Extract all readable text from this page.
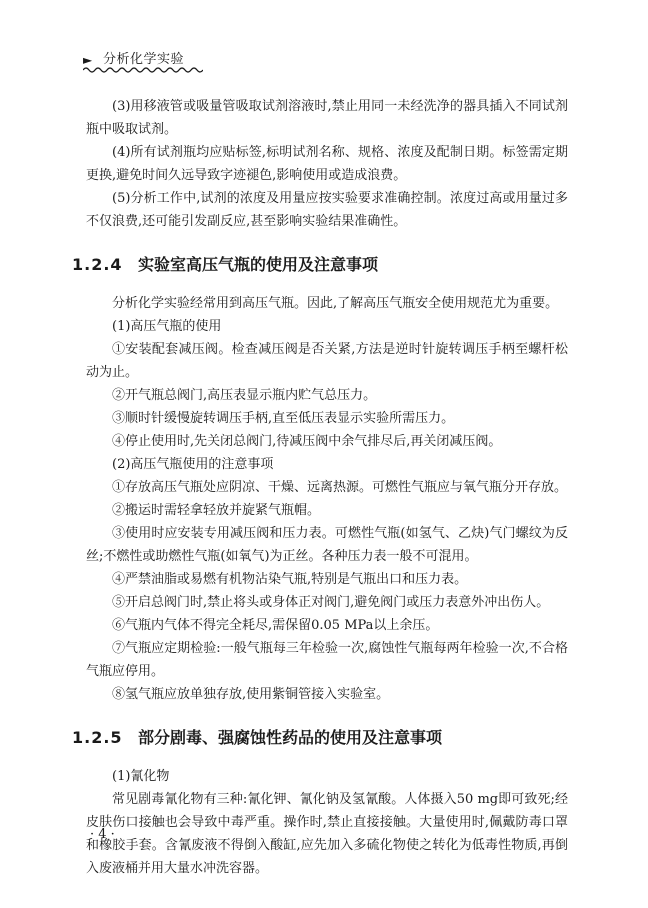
► 分析化学实验

(3)用移液管或吸量管吸取试剂溶液时,禁止用同一未经洗净的器具插入不同试剂瓶中吸取试剂。

(4)所有试剂瓶均应贴标签,标明试剂名称、规格、浓度及配制日期。标签需定期更换,避免时间久远导致字迹褪色,影响使用或造成浪费。

(5)分析工作中,试剂的浓度及用量应按实验要求准确控制。浓度过高或用量过多不仅浪费,还可能引发副反应,甚至影响实验结果准确性。

1.2.4 实验室高压气瓶的使用及注意事项

分析化学实验经常用到高压气瓶。因此,了解高压气瓶安全使用规范尤为重要。

(1)高压气瓶的使用

①安装配套减压阀。检查减压阀是否关紧,方法是逆时针旋转调压手柄至螺杆松动为止。

②开气瓶总阀门,高压表显示瓶内贮气总压力。

③顺时针缓慢旋转调压手柄,直至低压表显示实验所需压力。

④停止使用时,先关闭总阀门,待减压阀中余气排尽后,再关闭减压阀。

(2)高压气瓶使用的注意事项

①存放高压气瓶处应阴凉、干燥、远离热源。可燃性气瓶应与氧气瓶分开存放。

②搬运时需轻拿轻放并旋紧气瓶帽。

③使用时应安装专用减压阀和压力表。可燃性气瓶(如氢气、乙炔)气门螺纹为反丝;不燃性或助燃性气瓶(如氧气)为正丝。各种压力表一般不可混用。

④严禁油脂或易燃有机物沾染气瓶,特别是气瓶出口和压力表。

⑤开启总阀门时,禁止将头或身体正对阀门,避免阀门或压力表意外冲出伤人。

⑥气瓶内气体不得完全耗尽,需保留0.05 MPa以上余压。

⑦气瓶应定期检验:一般气瓶每三年检验一次,腐蚀性气瓶每两年检验一次,不合格气瓶应停用。

⑧氢气瓶应放单独存放,使用紫铜管接入实验室。

1.2.5 部分剧毒、强腐蚀性药品的使用及注意事项

(1)氰化物

常见剧毒氰化物有三种:氰化钾、氰化钠及氢氰酸。人体摄入50 mg即可致死;经皮肤伤口接触也会导致中毒严重。操作时,禁止直接接触。大量使用时,佩戴防毒口罩和橡胶手套。含氰废液不得倒入酸缸,应先加入多硫化物使之转化为低毒性物质,再倒入废液桶并用大量水冲洗容器。

· 4 ·
